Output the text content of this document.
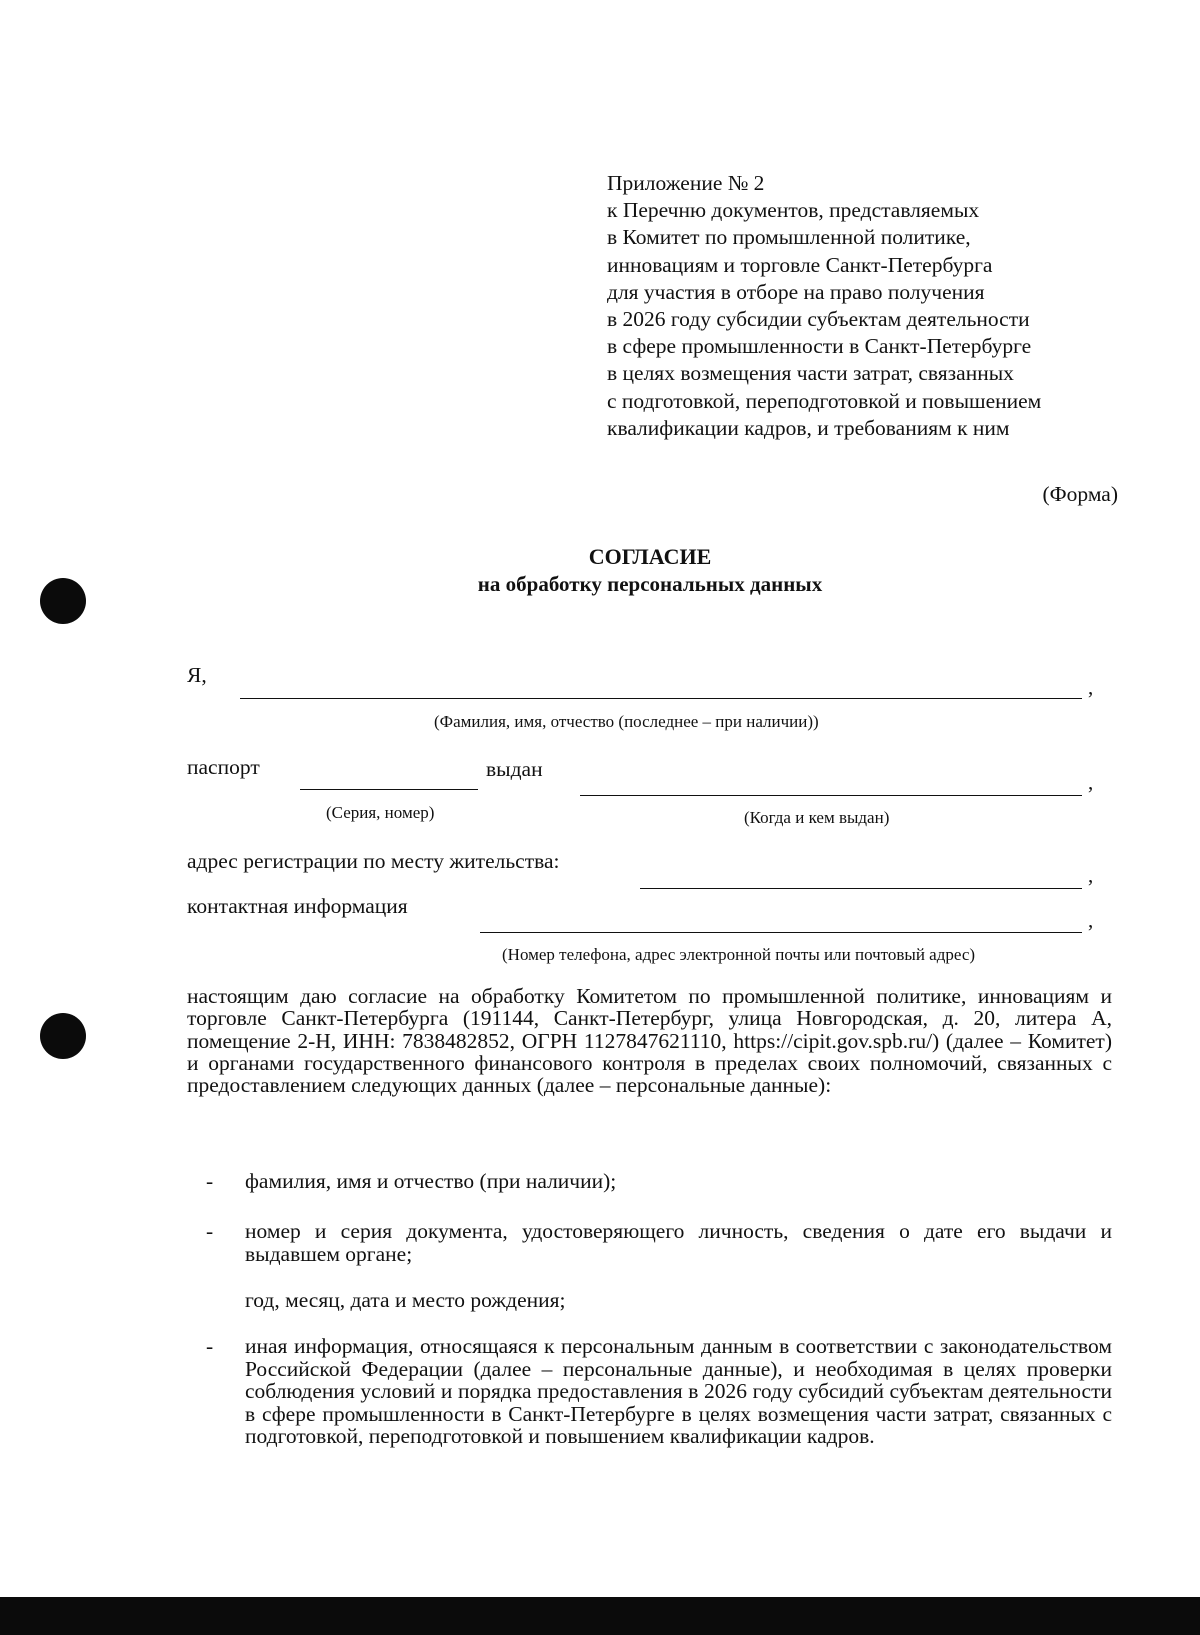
Приложение № 2
к Перечню документов, представляемых
в Комитет по промышленной политике,
инновациям и торговле Санкт-Петербурга
для участия в отборе на право получения
в 2026 году субсидии субъектам деятельности
в сфере промышленности в Санкт-Петербурге
в целях возмещения части затрат, связанных
с подготовкой, переподготовкой и повышением
квалификации кадров, и требованиям к ним
(Форма)
СОГЛАСИЕ
на обработку персональных данных
Я,	,
(Фамилия, имя, отчество (последнее – при наличии))
паспорт	выдан
,
(Серия, номер)	(Когда и кем выдан)
адрес регистрации по месту жительства:
,
контактная информация
,
(Номер телефона, адрес электронной почты или почтовый адрес)
настоящим даю согласие на обработку Комитетом по промышленной политике, инновациям и торговле Санкт-Петербурга (191144, Санкт-Петербург, улица Новгородская, д. 20, литера А, помещение 2-Н, ИНН: 7838482852, ОГРН 1127847621110, https://cipit.gov.spb.ru/) (далее – Комитет) и органами государственного финансового контроля в пределах своих полномочий, связанных с предоставлением следующих данных (далее – персональные данные):
- фамилия, имя и отчество (при наличии);
- номер и серия документа, удостоверяющего личность, сведения о дате его выдачи и выдавшем органе;
год, месяц, дата и место рождения;
- иная информация, относящаяся к персональным данным в соответствии с законодательством Российской Федерации (далее – персональные данные), и необходимая в целях проверки соблюдения условий и порядка предоставления в 2026 году субсидий субъектам деятельности в сфере промышленности в Санкт-Петербурге в целях возмещения части затрат, связанных с подготовкой, переподготовкой и повышением квалификации кадров.
